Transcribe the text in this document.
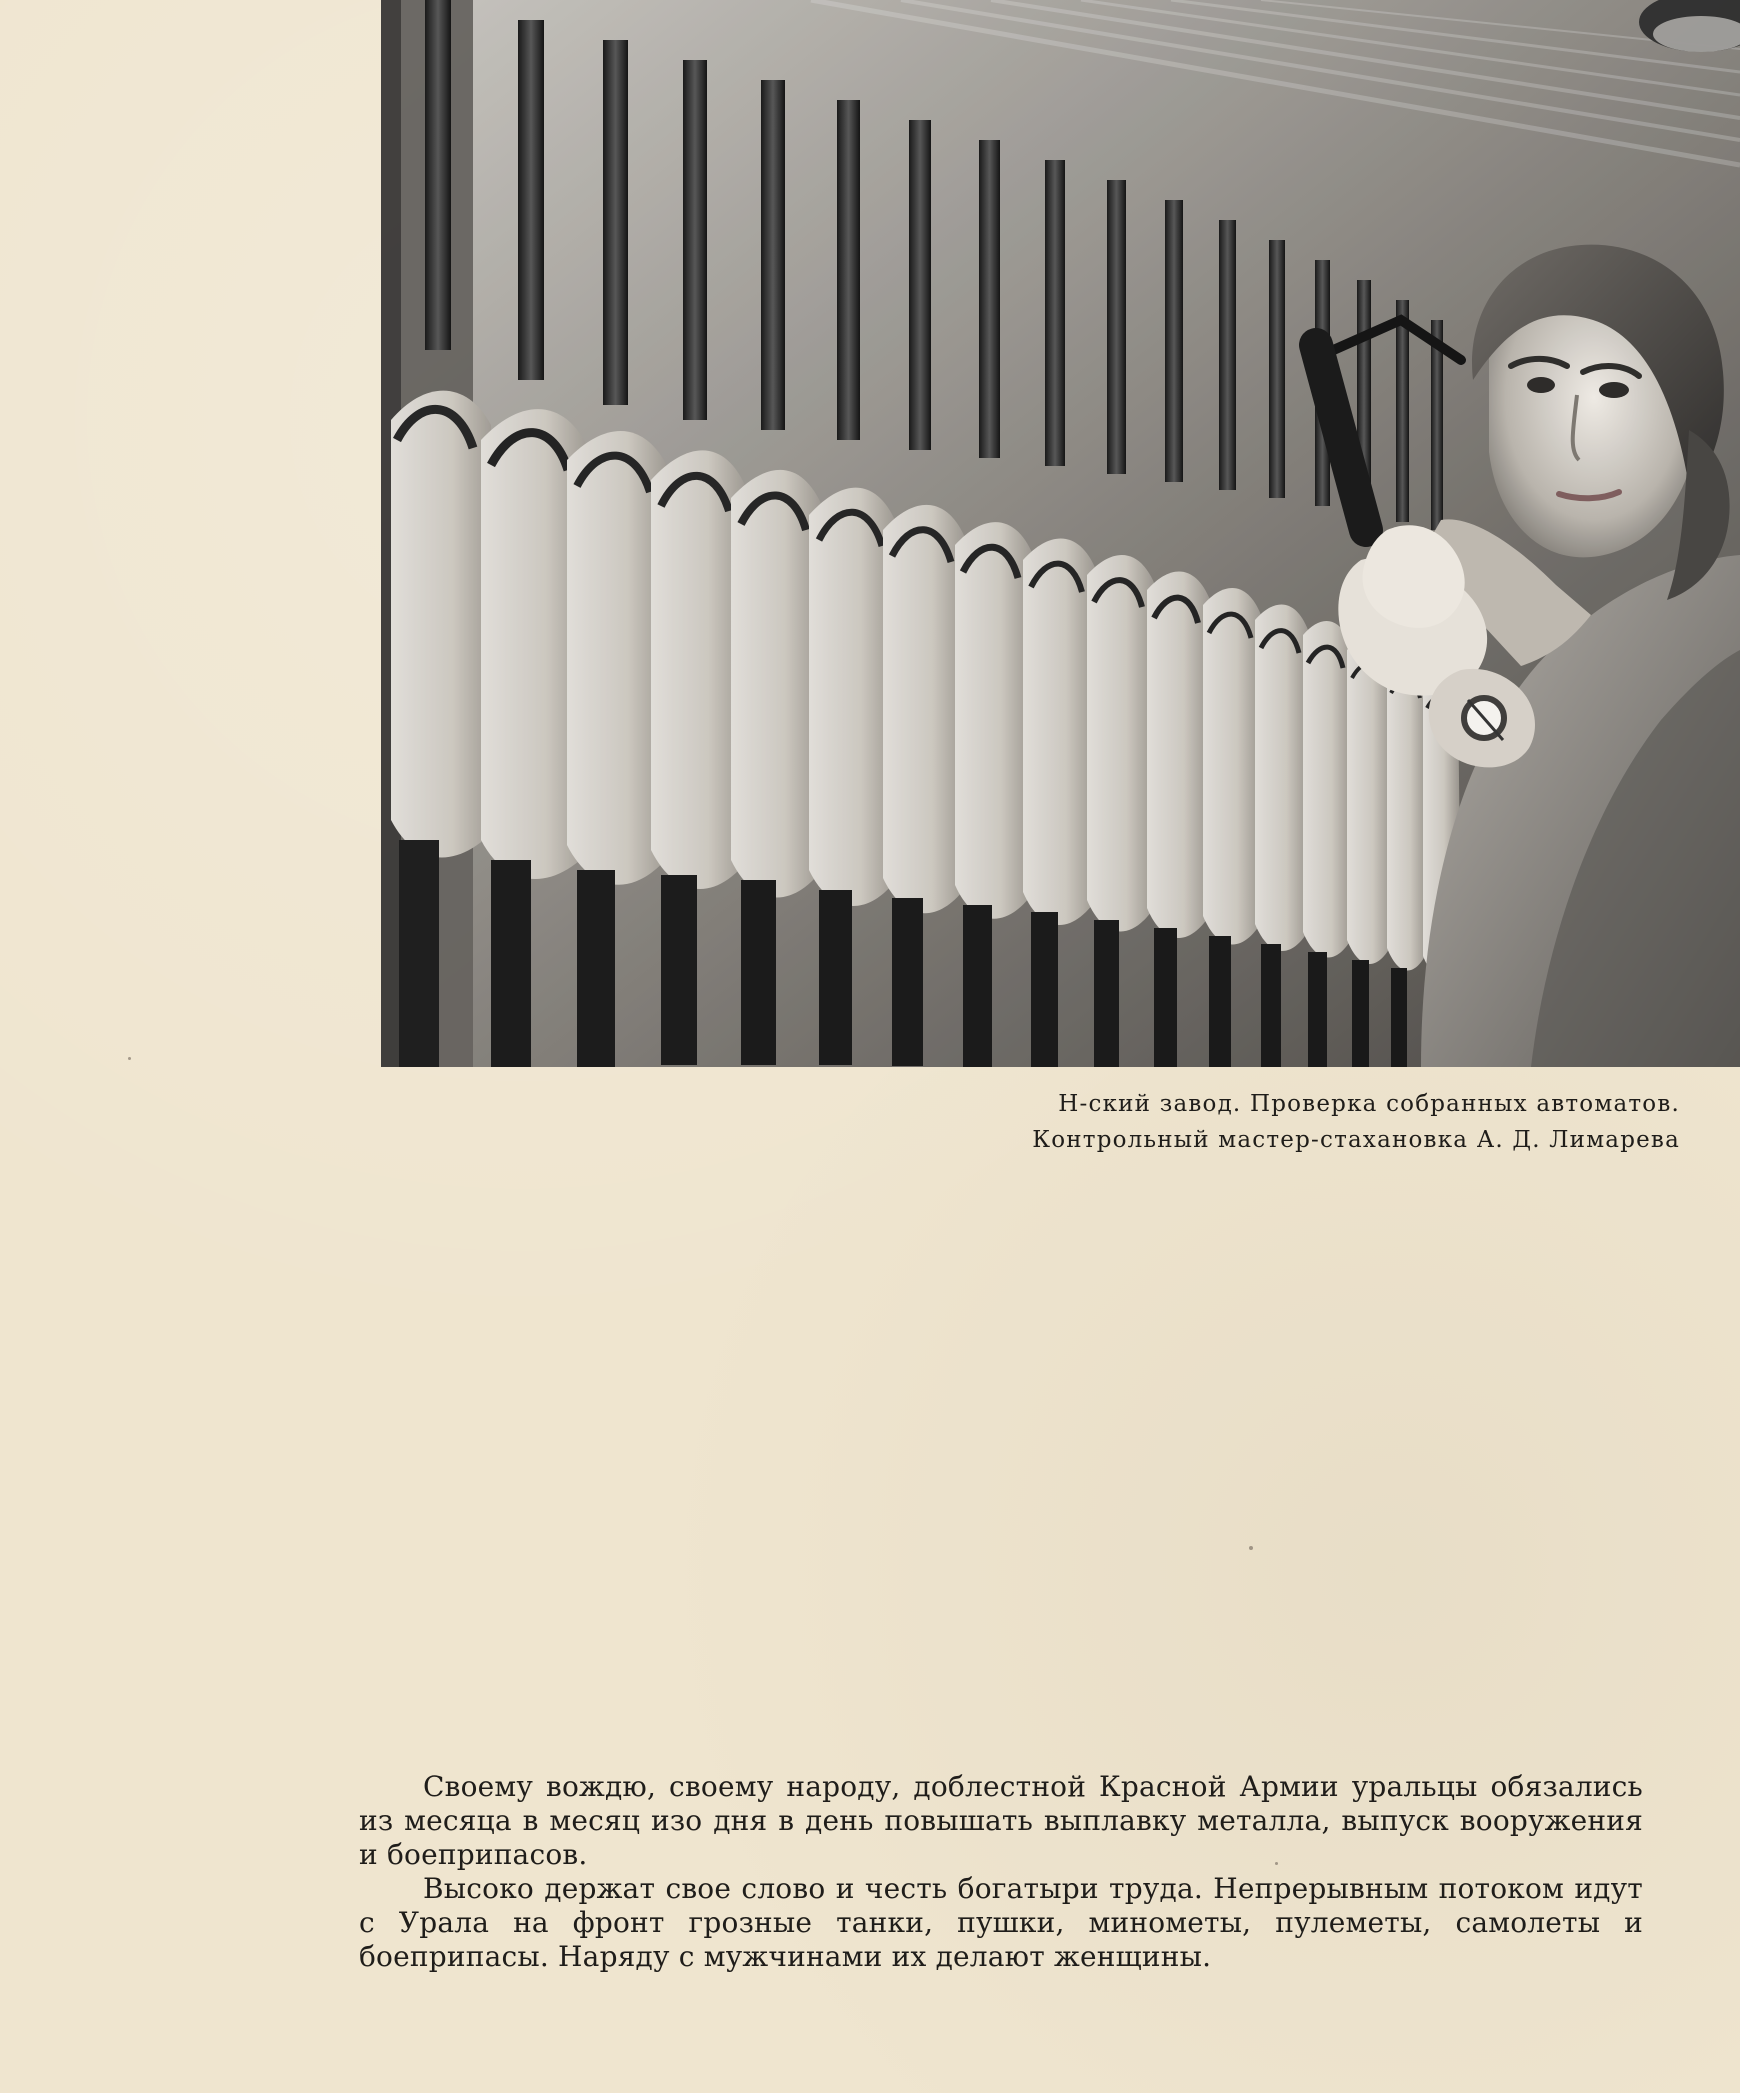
Н-ский завод. Проверка собранных автоматов.
Контрольный мастер-стахановка А. Д. Лимарева

Своему вождю, своему народу, доблестной Красной Армии уральцы обязались из месяца в месяц изо дня в день повышать выплавку металла, выпуск вооружения и боеприпасов.

Высоко держат свое слово и честь богатыри труда. Непрерывным потоком идут с Урала на фронт грозные танки, пушки, минометы, пулеметы, самолеты и боеприпасы. Наряду с мужчинами их делают женщины.
